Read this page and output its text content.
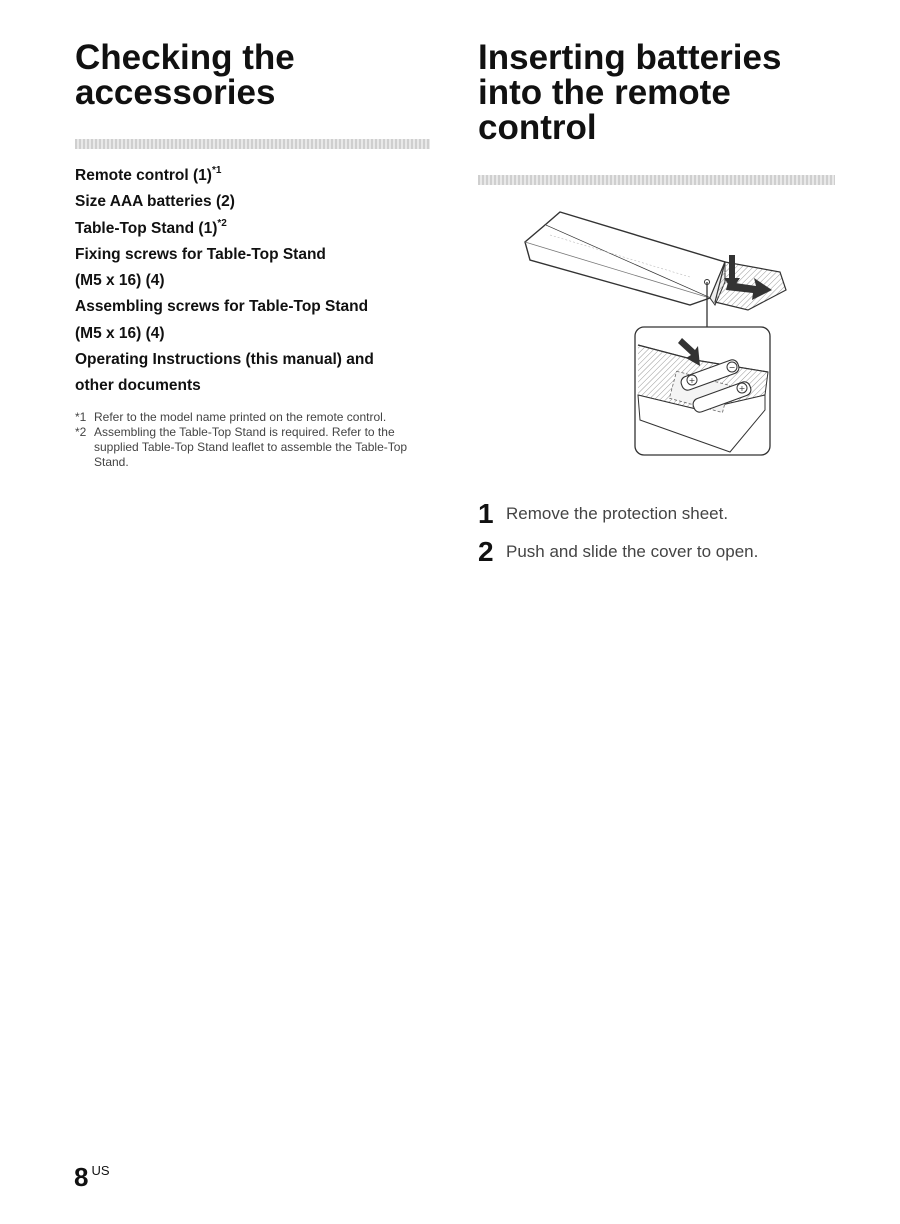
Checking the accessories
Remote control $(1)^{*1}$
Size AAA batteries (2)
Table-Top Stand $(1)^{*2}$
Fixing screws for Table-Top Stand
(M5 x 16) (4)
Assembling screws for Table-Top Stand
(M5 x 16) (4)
Operating Instructions (this manual) and
other documents
*1 Refer to the model name printed on the remote control.
*2 Assembling the Table-Top Stand is required. Refer to the supplied Table-Top Stand leaflet to assemble the Table-Top Stand.
Inserting batteries into the remote control
+
−
+
1 Remove the protection sheet.
2 Push and slide the cover to open.
8 $^{US}$
